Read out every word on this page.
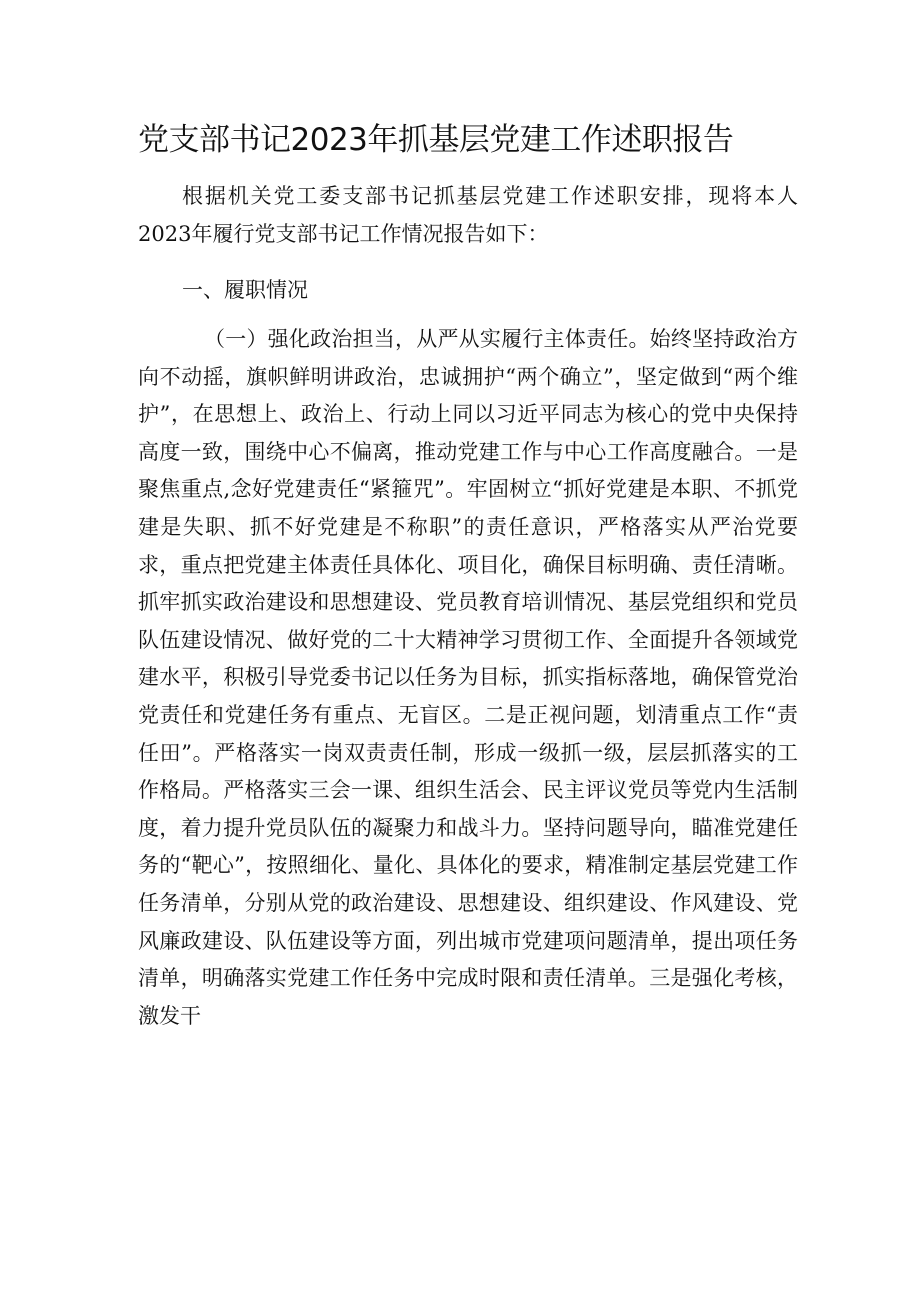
党支部书记2023年抓基层党建工作述职报告

根据机关党工委支部书记抓基层党建工作述职安排，现将本人2023年履行党支部书记工作情况报告如下：

一、履职情况

（一）强化政治担当，从严从实履行主体责任。始终坚持政治方向不动摇，旗帜鲜明讲政治，忠诚拥护“两个确立”，坚定做到“两个维护”，在思想上、政治上、行动上同以习近平同志为核心的党中央保持高度一致，围绕中心不偏离，推动党建工作与中心工作高度融合。一是聚焦重点,念好党建责任“紧箍咒”。牢固树立“抓好党建是本职、不抓党建是失职、抓不好党建是不称职”的责任意识，严格落实从严治党要求，重点把党建主体责任具体化、项目化，确保目标明确、责任清晰。抓牢抓实政治建设和思想建设、党员教育培训情况、基层党组织和党员队伍建设情况、做好党的二十大精神学习贯彻工作、全面提升各领域党建水平，积极引导党委书记以任务为目标，抓实指标落地，确保管党治党责任和党建任务有重点、无盲区。二是正视问题，划清重点工作“责任田”。严格落实一岗双责责任制，形成一级抓一级，层层抓落实的工作格局。严格落实三会一课、组织生活会、民主评议党员等党内生活制度，着力提升党员队伍的凝聚力和战斗力。坚持问题导向，瞄准党建任务的“靶心”，按照细化、量化、具体化的要求，精准制定基层党建工作任务清单，分别从党的政治建设、思想建设、组织建设、作风建设、党风廉政建设、队伍建设等方面，列出城市党建项问题清单，提出项任务清单，明确落实党建工作任务中完成时限和责任清单。三是强化考核，激发干
